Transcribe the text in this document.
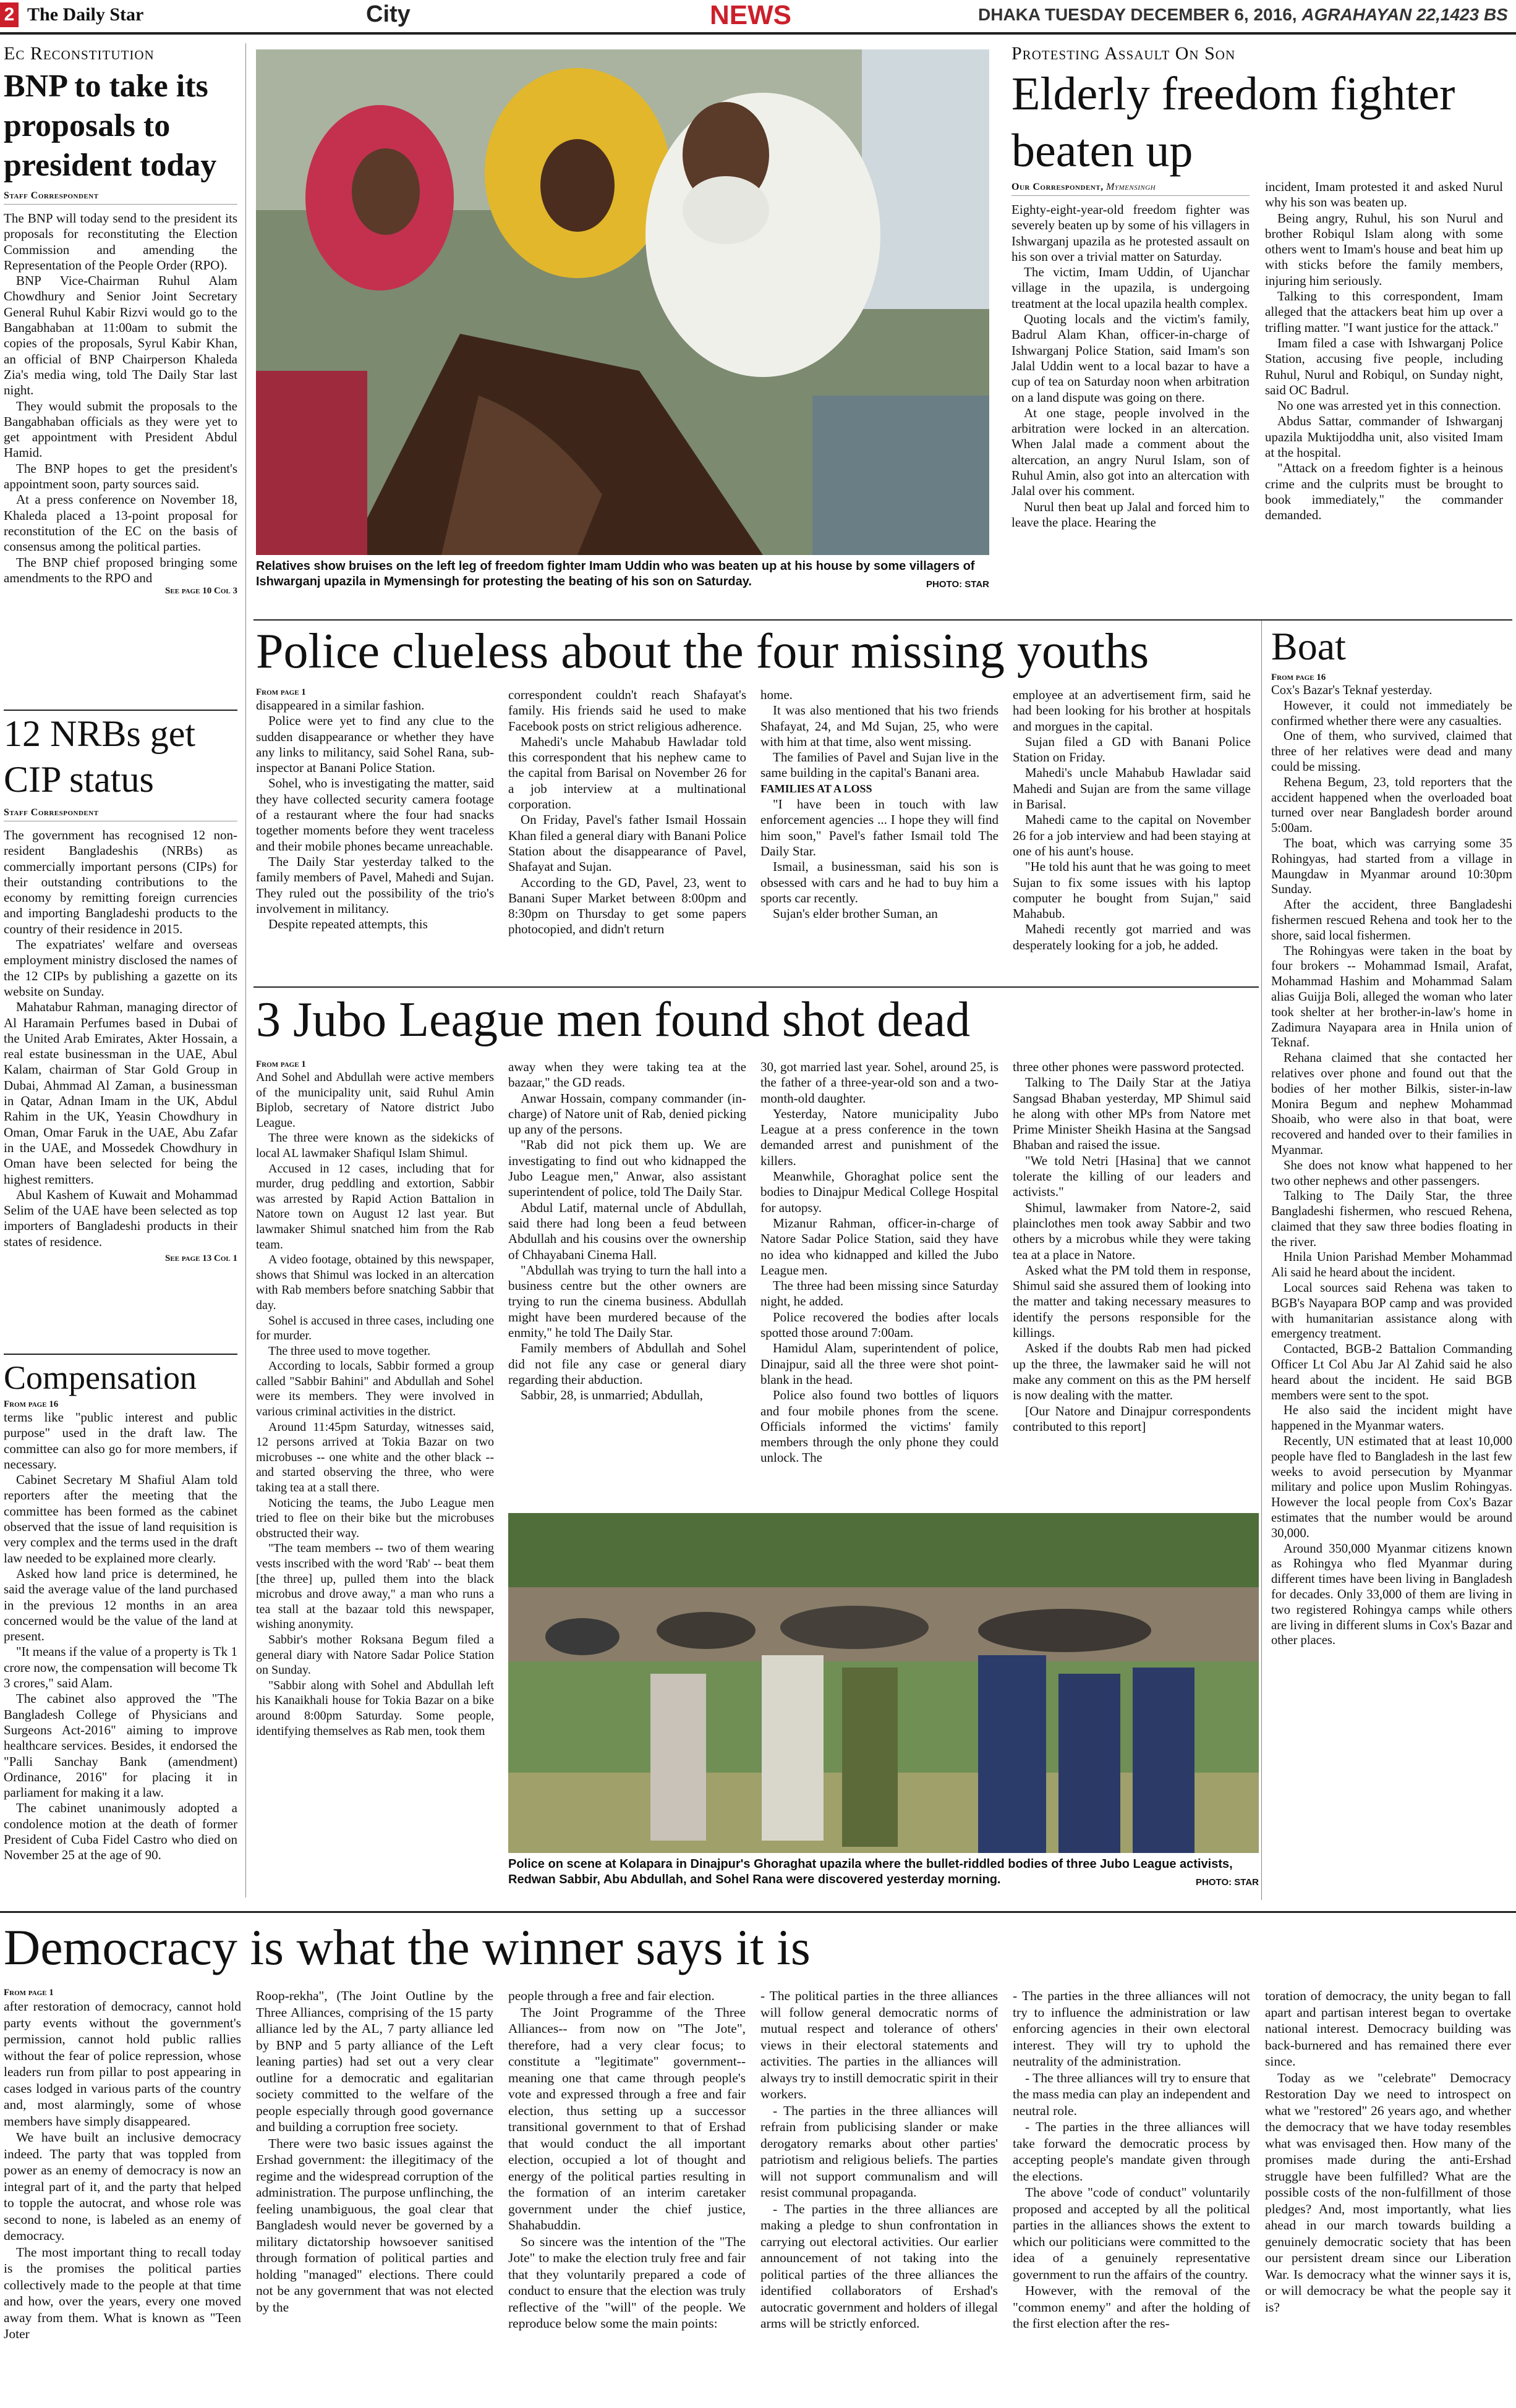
2 The Daily Star	City	NEWS	DHAKA TUESDAY DECEMBER 6, 2016, AGRAHAYAN 22,1423 BS
Ec Reconstitution
BNP to take its proposals to president today
Staff Correspondent

The BNP will today send to the president its proposals for reconstituting the Election Commission and amending the Representation of the People Order (RPO).

BNP Vice-Chairman Ruhul Alam Chowdhury and Senior Joint Secretary General Ruhul Kabir Rizvi would go to the Bangabhaban at 11:00am to submit the copies of the proposals, Syrul Kabir Khan, an official of BNP Chairperson Khaleda Zia's media wing, told The Daily Star last night.

They would submit the proposals to the Bangabhaban officials as they were yet to get appointment with President Abdul Hamid.

The BNP hopes to get the president's appointment soon, party sources said.

At a press conference on November 18, Khaleda placed a 13-point proposal for reconstitution of the EC on the basis of consensus among the political parties.

The BNP chief proposed bringing some amendments to the RPO and

See page 10 Col 3
12 NRBs get CIP status
Staff Correspondent

The government has recognised 12 non-resident Bangladeshis (NRBs) as commercially important persons (CIPs) for their outstanding contributions to the economy by remitting foreign currencies and importing Bangladeshi products to the country of their residence in 2015.

The expatriates' welfare and overseas employment ministry disclosed the names of the 12 CIPs by publishing a gazette on its website on Sunday.

Mahatabur Rahman, managing director of Al Haramain Perfumes based in Dubai of the United Arab Emirates, Akter Hossain, a real estate businessman in the UAE, Abul Kalam, chairman of Star Gold Group in Dubai, Ahmmad Al Zaman, a businessman in Qatar, Adnan Imam in the UK, Abdul Rahim in the UK, Yeasin Chowdhury in Oman, Omar Faruk in the UAE, Abu Zafar in the UAE, and Mossedek Chowdhury in Oman have been selected for being the highest remitters.

Abul Kashem of Kuwait and Mohammad Selim of the UAE have been selected as top importers of Bangladeshi products in their states of residence.

See page 13 Col 1
Compensation
From page 16

terms like "public interest and public purpose" used in the draft law. The committee can also go for more members, if necessary.

Cabinet Secretary M Shafiul Alam told reporters after the meeting that the committee has been formed as the cabinet observed that the issue of land requisition is very complex and the terms used in the draft law needed to be explained more clearly.

Asked how land price is determined, he said the average value of the land purchased in the previous 12 months in an area concerned would be the value of the land at present.

"It means if the value of a property is Tk 1 crore now, the compensation will become Tk 3 crores," said Alam.

The cabinet also approved the "The Bangladesh College of Physicians and Surgeons Act-2016" aiming to improve healthcare services. Besides, it endorsed the "Palli Sanchay Bank (amendment) Ordinance, 2016" for placing it in parliament for making it a law.

The cabinet unanimously adopted a condolence motion at the death of former President of Cuba Fidel Castro who died on November 25 at the age of 90.

Relatives show bruises on the left leg of freedom fighter Imam Uddin who was beaten up at his house by some villagers of Ishwarganj upazila in Mymensingh for protesting the beating of his son on Saturday.	PHOTO: STAR
Protesting Assault On Son
Elderly freedom fighter beaten up
Our Correspondent, Mymensingh

Eighty-eight-year-old freedom fighter was severely beaten up by some of his villagers in Ishwarganj upazila as he protested assault on his son over a trivial matter on Saturday.

The victim, Imam Uddin, of Ujanchar village in the upazila, is undergoing treatment at the local upazila health complex.

Quoting locals and the victim's family, Badrul Alam Khan, officer-in-charge of Ishwarganj Police Station, said Imam's son Jalal Uddin went to a local bazar to have a cup of tea on Saturday noon when arbitration on a land dispute was going on there.

At one stage, people involved in the arbitration were locked in an altercation. When Jalal made a comment about the altercation, an angry Nurul Islam, son of Ruhul Amin, also got into an altercation with Jalal over his comment.

Nurul then beat up Jalal and forced him to leave the place. Hearing the

incident, Imam protested it and asked Nurul why his son was beaten up.

Being angry, Ruhul, his son Nurul and brother Robiqul Islam along with some others went to Imam's house and beat him up with sticks before the family members, injuring him seriously.

Talking to this correspondent, Imam alleged that the attackers beat him up over a trifling matter. "I want justice for the attack."

Imam filed a case with Ishwarganj Police Station, accusing five people, including Ruhul, Nurul and Robiqul, on Sunday night, said OC Badrul.

No one was arrested yet in this connection.

Abdus Sattar, commander of Ishwarganj upazila Muktijoddha unit, also visited Imam at the hospital.

"Attack on a freedom fighter is a heinous crime and the culprits must be brought to book immediately," the commander demanded.

Police clueless about the four missing youths
From page 1

disappeared in a similar fashion.

Police were yet to find any clue to the sudden disappearance or whether they have any links to militancy, said Sohel Rana, sub-inspector at Banani Police Station.

Sohel, who is investigating the matter, said they have collected security camera footage of a restaurant where the four had snacks together moments before they went traceless and their mobile phones became unreachable.

The Daily Star yesterday talked to the family members of Pavel, Mahedi and Sujan. They ruled out the possibility of the trio's involvement in militancy.

Despite repeated attempts, this

correspondent couldn't reach Shafayat's family. His friends said he used to make Facebook posts on strict religious adherence.

Mahedi's uncle Mahabub Hawladar told this correspondent that his nephew came to the capital from Barisal on November 26 for a job interview at a multinational corporation.

On Friday, Pavel's father Ismail Hossain Khan filed a general diary with Banani Police Station about the disappearance of Pavel, Shafayat and Sujan.

According to the GD, Pavel, 23, went to Banani Super Market between 8:00pm and 8:30pm on Thursday to get some papers photocopied, and didn't return

home.

It was also mentioned that his two friends Shafayat, 24, and Md Sujan, 25, who were with him at that time, also went missing.

The families of Pavel and Sujan live in the same building in the capital's Banani area.

FAMILIES AT A LOSS

"I have been in touch with law enforcement agencies ... I hope they will find him soon," Pavel's father Ismail told The Daily Star.

Ismail, a businessman, said his son is obsessed with cars and he had to buy him a sports car recently.

Sujan's elder brother Suman, an

employee at an advertisement firm, said he had been looking for his brother at hospitals and morgues in the capital.

Sujan filed a GD with Banani Police Station on Friday.

Mahedi's uncle Mahabub Hawladar said Mahedi and Sujan are from the same village in Barisal.

Mahedi came to the capital on November 26 for a job interview and had been staying at one of his aunt's house.

"He told his aunt that he was going to meet Sujan to fix some issues with his laptop computer he bought from Sujan," said Mahabub.

Mahedi recently got married and was desperately looking for a job, he added.

3 Jubo League men found shot dead
From page 1

And Sohel and Abdullah were active members of the municipality unit, said Ruhul Amin Biplob, secretary of Natore district Jubo League.

The three were known as the sidekicks of local AL lawmaker Shafiqul Islam Shimul.

Accused in 12 cases, including that for murder, drug peddling and extortion, Sabbir was arrested by Rapid Action Battalion in Natore town on August 12 last year. But lawmaker Shimul snatched him from the Rab team.

A video footage, obtained by this newspaper, shows that Shimul was locked in an altercation with Rab members before snatching Sabbir that day.

Sohel is accused in three cases, including one for murder.

The three used to move together.

According to locals, Sabbir formed a group called "Sabbir Bahini" and Abdullah and Sohel were its members. They were involved in various criminal activities in the district.

Around 11:45pm Saturday, witnesses said, 12 persons arrived at Tokia Bazar on two microbuses -- one white and the other black -- and started observing the three, who were taking tea at a stall there.

Noticing the teams, the Jubo League men tried to flee on their bike but the microbuses obstructed their way.

"The team members -- two of them wearing vests inscribed with the word 'Rab' -- beat them [the three] up, pulled them into the black microbus and drove away," a man who runs a tea stall at the bazaar told this newspaper, wishing anonymity.

Sabbir's mother Roksana Begum filed a general diary with Natore Sadar Police Station on Sunday.

"Sabbir along with Sohel and Abdullah left his Kanaikhali house for Tokia Bazar on a bike around 8:00pm Saturday. Some people, identifying themselves as Rab men, took them

away when they were taking tea at the bazaar," the GD reads.

Anwar Hossain, company commander (in-charge) of Natore unit of Rab, denied picking up any of the persons.

"Rab did not pick them up. We are investigating to find out who kidnapped the Jubo League men," Anwar, also assistant superintendent of police, told The Daily Star.

Abdul Latif, maternal uncle of Abdullah, said there had long been a feud between Abdullah and his cousins over the ownership of Chhayabani Cinema Hall.

"Abdullah was trying to turn the hall into a business centre but the other owners are trying to run the cinema business. Abdullah might have been murdered because of the enmity," he told The Daily Star.

Family members of Abdullah and Sohel did not file any case or general diary regarding their abduction.

Sabbir, 28, is unmarried; Abdullah,

30, got married last year. Sohel, around 25, is the father of a three-year-old son and a two-month-old daughter.

Yesterday, Natore municipality Jubo League at a press conference in the town demanded arrest and punishment of the killers.

Meanwhile, Ghoraghat police sent the bodies to Dinajpur Medical College Hospital for autopsy.

Mizanur Rahman, officer-in-charge of Natore Sadar Police Station, said they have no idea who kidnapped and killed the Jubo League men.

The three had been missing since Saturday night, he added.

Police recovered the bodies after locals spotted those around 7:00am.

Hamidul Alam, superintendent of police, Dinajpur, said all the three were shot point-blank in the head.

Police also found two bottles of liquors and four mobile phones from the scene. Officials informed the victims' family members through the only phone they could unlock. The

three other phones were password protected.

Talking to The Daily Star at the Jatiya Sangsad Bhaban yesterday, MP Shimul said he along with other MPs from Natore met Prime Minister Sheikh Hasina at the Sangsad Bhaban and raised the issue.

"We told Netri [Hasina] that we cannot tolerate the killing of our leaders and activists."

Shimul, lawmaker from Natore-2, said plainclothes men took away Sabbir and two others by a microbus while they were taking tea at a place in Natore.

Asked what the PM told them in response, Shimul said she assured them of looking into the matter and taking necessary measures to identify the persons responsible for the killings.

Asked if the doubts Rab men had picked up the three, the lawmaker said he will not make any comment on this as the PM herself is now dealing with the matter.

[Our Natore and Dinajpur correspondents contributed to this report]

Police on scene at Kolapara in Dinajpur's Ghoraghat upazila where the bullet-riddled bodies of three Jubo League activists, Redwan Sabbir, Abu Abdullah, and Sohel Rana were discovered yesterday morning.	PHOTO: STAR
Boat
From page 16

Cox's Bazar's Teknaf yesterday.

However, it could not immediately be confirmed whether there were any casualties.

One of them, who survived, claimed that three of her relatives were dead and many could be missing.

Rehena Begum, 23, told reporters that the accident happened when the overloaded boat turned over near Bangladesh border around 5:00am.

The boat, which was carrying some 35 Rohingyas, had started from a village in Maungdaw in Myanmar around 10:30pm Sunday.

After the accident, three Bangladeshi fishermen rescued Rehena and took her to the shore, said local fishermen.

The Rohingyas were taken in the boat by four brokers -- Mohammad Ismail, Arafat, Mohammad Hashim and Mohammad Salam alias Guijja Boli, alleged the woman who later took shelter at her brother-in-law's home in Zadimura Nayapara area in Hnila union of Teknaf.

Rehana claimed that she contacted her relatives over phone and found out that the bodies of her mother Bilkis, sister-in-law Monira Begum and nephew Mohammad Shoaib, who were also in that boat, were recovered and handed over to their families in Myanmar.

She does not know what happened to her two other nephews and other passengers.

Talking to The Daily Star, the three Bangladeshi fishermen, who rescued Rehena, claimed that they saw three bodies floating in the river.

Hnila Union Parishad Member Mohammad Ali said he heard about the incident.

Local sources said Rehena was taken to BGB's Nayapara BOP camp and was provided with humanitarian assistance along with emergency treatment.

Contacted, BGB-2 Battalion Commanding Officer Lt Col Abu Jar Al Zahid said he also heard about the incident. He said BGB members were sent to the spot.

He also said the incident might have happened in the Myanmar waters.

Recently, UN estimated that at least 10,000 people have fled to Bangladesh in the last few weeks to avoid persecution by Myanmar military and police upon Muslim Rohingyas. However the local people from Cox's Bazar estimates that the number would be around 30,000.

Around 350,000 Myanmar citizens known as Rohingya who fled Myanmar during different times have been living in Bangladesh for decades. Only 33,000 of them are living in two registered Rohingya camps while others are living in different slums in Cox's Bazar and other places.

Democracy is what the winner says it is
From page 1

after restoration of democracy, cannot hold party events without the government's permission, cannot hold public rallies without the fear of police repression, whose leaders run from pillar to post appearing in cases lodged in various parts of the country and, most alarmingly, some of whose members have simply disappeared.

We have built an inclusive democracy indeed. The party that was toppled from power as an enemy of democracy is now an integral part of it, and the party that helped to topple the autocrat, and whose role was second to none, is labeled as an enemy of democracy.

The most important thing to recall today is the promises the political parties collectively made to the people at that time and how, over the years, every one moved away from them. What is known as "Teen Joter

Roop-rekha", (The Joint Outline by the Three Alliances, comprising of the 15 party alliance led by the AL, 7 party alliance led by BNP and 5 party alliance of the Left leaning parties) had set out a very clear outline for a democratic and egalitarian society committed to the welfare of the people especially through good governance and building a corruption free society.

There were two basic issues against the Ershad government: the illegitimacy of the regime and the widespread corruption of the administration. The purpose unflinching, the feeling unambiguous, the goal clear that Bangladesh would never be governed by a military dictatorship howsoever sanitised through formation of political parties and holding "managed" elections. There could not be any government that was not elected by the

people through a free and fair election.

The Joint Programme of the Three Alliances-- from now on "The Jote", therefore, had a very clear focus; to constitute a "legitimate" government-- meaning one that came through people's vote and expressed through a free and fair election, thus setting up a successor transitional government to that of Ershad that would conduct the all important election, occupied a lot of thought and energy of the political parties resulting in the formation of an interim caretaker government under the chief justice, Shahabuddin.

So sincere was the intention of the "The Jote" to make the election truly free and fair that they voluntarily prepared a code of conduct to ensure that the election was truly reflective of the "will" of the people. We reproduce below some the main points:

- The political parties in the three alliances will follow general democratic norms of mutual respect and tolerance of others' views in their electoral statements and activities. The parties in the alliances will always try to instill democratic spirit in their workers.

- The parties in the three alliances will refrain from publicising slander or make derogatory remarks about other parties' patriotism and religious beliefs. The parties will not support communalism and will resist communal propaganda.

- The parties in the three alliances are making a pledge to shun confrontation in carrying out electoral activities. Our earlier announcement of not taking into the political parties of the three alliances the identified collaborators of Ershad's autocratic government and holders of illegal arms will be strictly enforced.

- The parties in the three alliances will not try to influence the administration or law enforcing agencies in their own electoral interest. They will try to uphold the neutrality of the administration.

- The three alliances will try to ensure that the mass media can play an independent and neutral role.

- The parties in the three alliances will take forward the democratic process by accepting people's mandate given through the elections.

The above "code of conduct" voluntarily proposed and accepted by all the political parties in the alliances shows the extent to which our politicians were committed to the idea of a genuinely representative government to run the affairs of the country.

However, with the removal of the "common enemy" and after the holding of the first election after the res-

toration of democracy, the unity began to fall apart and partisan interest began to overtake national interest. Democracy building was back-burnered and has remained there ever since.

Today as we "celebrate" Democracy Restoration Day we need to introspect on what we "restored" 26 years ago, and whether the democracy that we have today resembles what was envisaged then. How many of the promises made during the anti-Ershad struggle have been fulfilled? What are the possible costs of the non-fulfillment of those pledges? And, most importantly, what lies ahead in our march towards building a genuinely democratic society that has been our persistent dream since our Liberation War. Is democracy what the winner says it is, or will democracy be what the people say it is?
